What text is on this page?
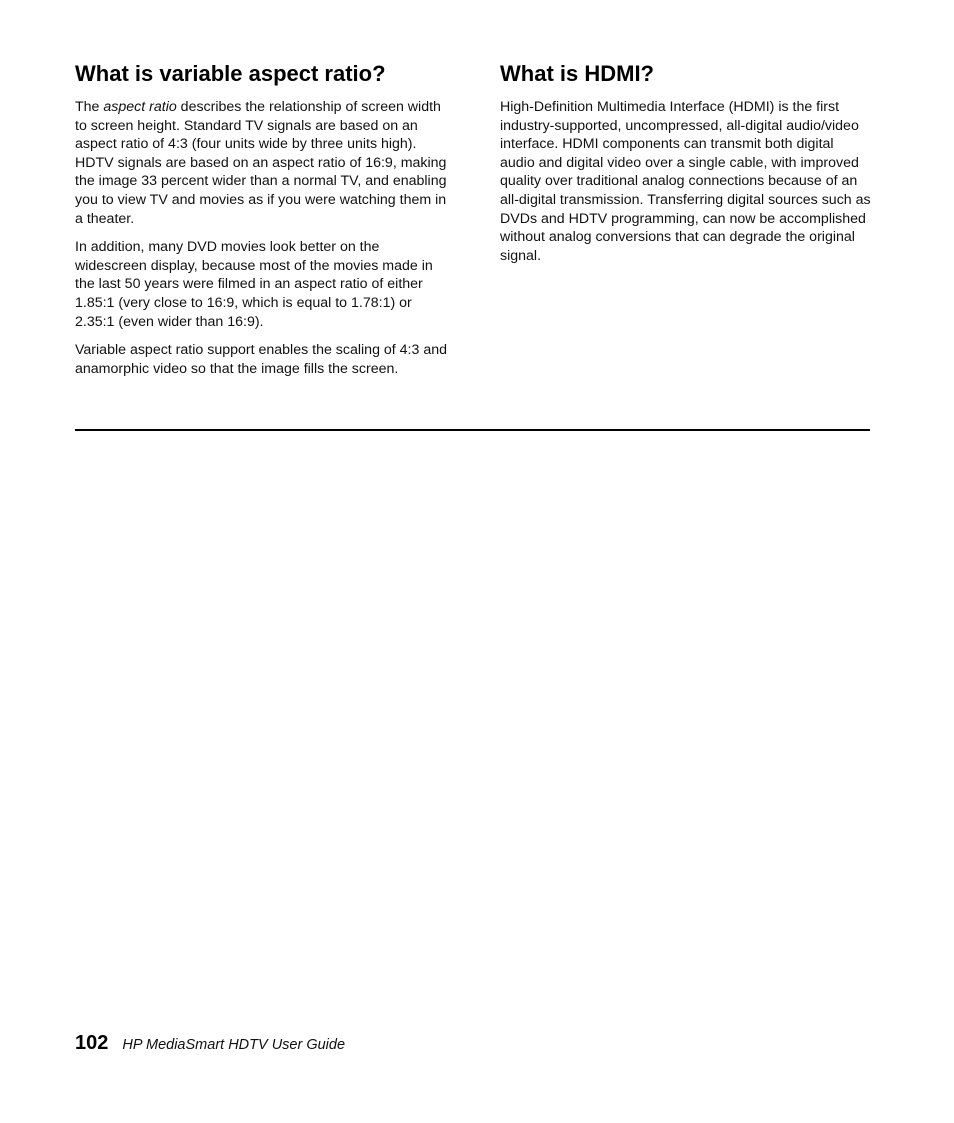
What is variable aspect ratio?

The aspect ratio describes the relationship of screen width to screen height. Standard TV signals are based on an aspect ratio of 4:3 (four units wide by three units high). HDTV signals are based on an aspect ratio of 16:9, making the image 33 percent wider than a normal TV, and enabling you to view TV and movies as if you were watching them in a theater.

In addition, many DVD movies look better on the widescreen display, because most of the movies made in the last 50 years were filmed in an aspect ratio of either 1.85:1 (very close to 16:9, which is equal to 1.78:1) or 2.35:1 (even wider than 16:9).

Variable aspect ratio support enables the scaling of 4:3 and anamorphic video so that the image fills the screen.

What is HDMI?

High-Definition Multimedia Interface (HDMI) is the first industry-supported, uncompressed, all-digital audio/video interface. HDMI components can transmit both digital audio and digital video over a single cable, with improved quality over traditional analog connections because of an all-digital transmission. Transferring digital sources such as DVDs and HDTV programming, can now be accomplished without analog conversions that can degrade the original signal.

102 HP MediaSmart HDTV User Guide
